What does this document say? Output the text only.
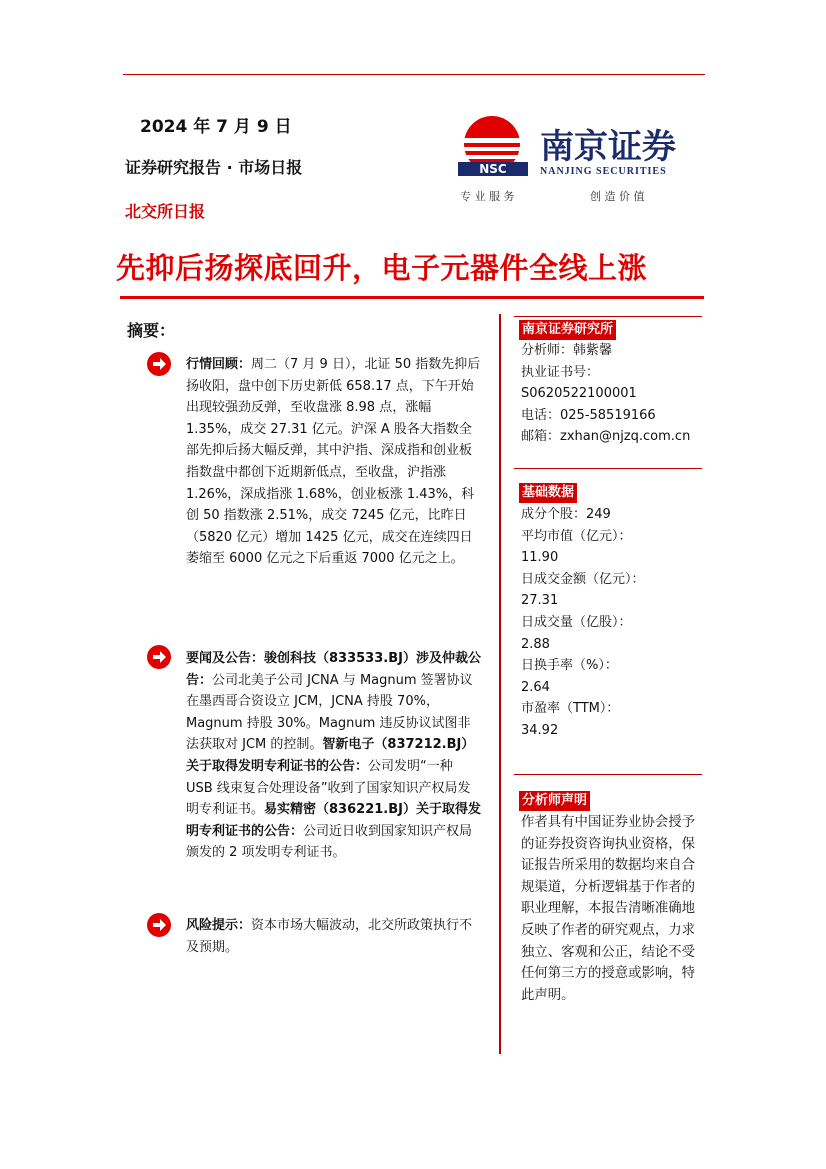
2024 年 7 月 9 日
证券研究报告 · 市场日报
北交所日报
NSC
南京证券
NANJING SECURITIES
专 业 服 务	创 造 价 值
先抑后扬探底回升，电子元器件全线上涨
摘要：
行情回顾：周二（7 月 9 日），北证 50 指数先抑后扬收阳，盘中创下历史新低 658.17 点，下午开始出现较强劲反弹，至收盘涨 8.98 点，涨幅 1.35%，成交 27.31 亿元。沪深 A 股各大指数全部先抑后扬大幅反弹，其中沪指、深成指和创业板指数盘中都创下近期新低点，至收盘，沪指涨 1.26%，深成指涨 1.68%，创业板涨 1.43%，科创 50 指数涨 2.51%，成交 7245 亿元，比昨日（5820 亿元）增加 1425 亿元，成交在连续四日萎缩至 6000 亿元之下后重返 7000 亿元之上。
要闻及公告：骏创科技（833533.BJ）涉及仲裁公告：公司北美子公司 JCNA 与 Magnum 签署协议在墨西哥合资设立 JCM，JCNA 持股 70%，Magnum 持股 30%。Magnum 违反协议试图非法获取对 JCM 的控制。智新电子（837212.BJ）关于取得发明专利证书的公告：公司发明“一种 USB 线束复合处理设备”收到了国家知识产权局发明专利证书。易实精密（836221.BJ）关于取得发明专利证书的公告：公司近日收到国家知识产权局颁发的 2 项发明专利证书。
风险提示：资本市场大幅波动，北交所政策执行不及预期。
南京证券研究所
分析师：韩紫馨
执业证书号：
S0620522100001
电话：025-58519166
邮箱：zxhan@njzq.com.cn
基础数据
成分个股：249
平均市值（亿元）：
11.90
日成交金额（亿元）：
27.31
日成交量（亿股）：
2.88
日换手率（%）：
2.64
市盈率（TTM）：
34.92
分析师声明
作者具有中国证券业协会授予的证券投资咨询执业资格，保证报告所采用的数据均来自合规渠道，分析逻辑基于作者的职业理解，本报告清晰准确地反映了作者的研究观点，力求独立、客观和公正，结论不受任何第三方的授意或影响，特此声明。
